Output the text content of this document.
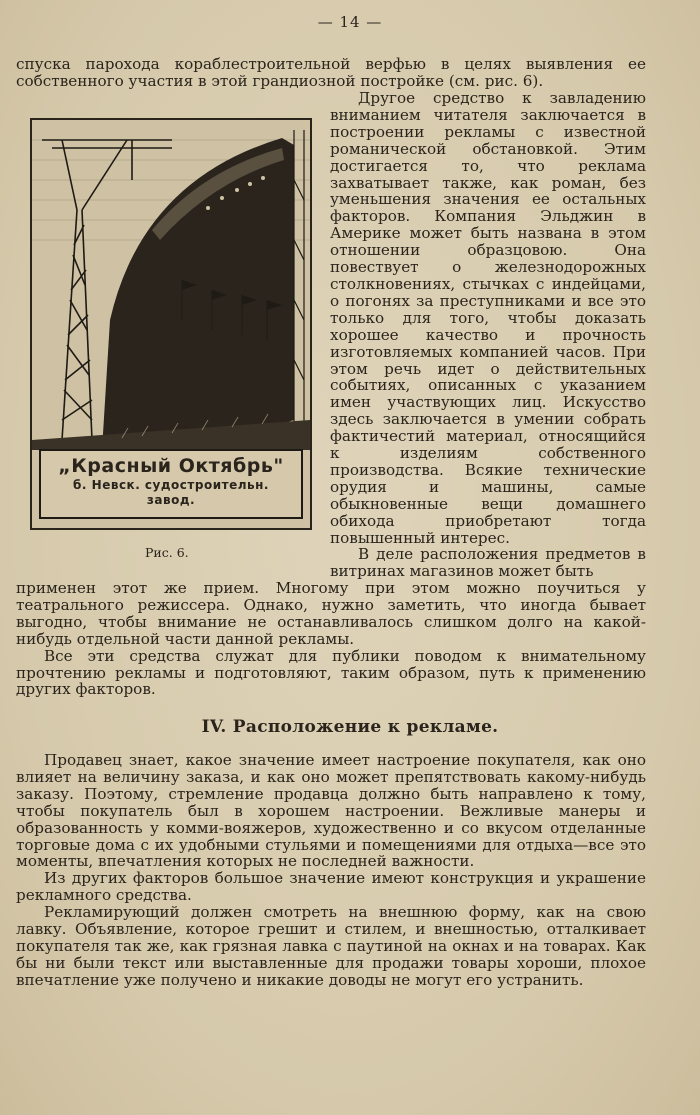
— 14 —

спуска парохода кораблестроительной верфью в целях выявления ее собственного участия в этой грандиозной постройке (см. рис. 6).

„Красный Октябрь"
б. Невск. судостроительн.
завод.
Рис. 6.

Другое средство к завладению вниманием читателя заключается в построении рекламы с известной романической обстановкой. Этим достигается то, что реклама захватывает также, как роман, без уменьшения значения ее остальных факторов. Компания Эльджин в Америке может быть названа в этом отношении образцовою. Она повествует о железнодорожных столкновениях, стычках с индейцами, о погонях за преступниками и все это только для того, чтобы доказать хорошее качество и прочность изготовляемых компанией часов. При этом речь идет о действительных событиях, описанных с указанием имен участвующих лиц. Искусство здесь заключается в умении собрать фактичестий материал, относящийся к изделиям собственного производства. Всякие технические орудия и машины, самые обыкновенные вещи домашнего обихода приобретают тогда повышенный интерес.

В деле расположения предметов в витринах магазинов может быть

применен этот же прием. Многому при этом можно поучиться у театрального режиссера. Однако, нужно заметить, что иногда бывает выгодно, чтобы внимание не останавливалось слишком долго на какой-нибудь отдельной части данной рекламы.

Все эти средства служат для публики поводом к внимательному прочтению рекламы и подготовляют, таким образом, путь к применению других факторов.

IV. Расположение к рекламе.

Продавец знает, какое значение имеет настроение покупателя, как оно влияет на величину заказа, и как оно может препятствовать какому-нибудь заказу. Поэтому, стремление продавца должно быть направлено к тому, чтобы покупатель был в хорошем настроении. Вежливые манеры и образованность у комми-вояжеров, художественно и со вкусом отделанные торговые дома с их удобными стульями и помещениями для отдыха—все это моменты, впечатления которых не последней важности.

Из других факторов большое значение имеют конструкция и украшение рекламного средства.

Рекламирующий должен смотреть на внешнюю форму, как на свою лавку. Объявление, которое грешит и стилем, и внешностью, отталкивает покупателя так же, как грязная лавка с паутиной на окнах и на товарах. Как бы ни были текст или выставленные для продажи товары хороши, плохое впечатление уже получено и никакие доводы не могут его устранить.
